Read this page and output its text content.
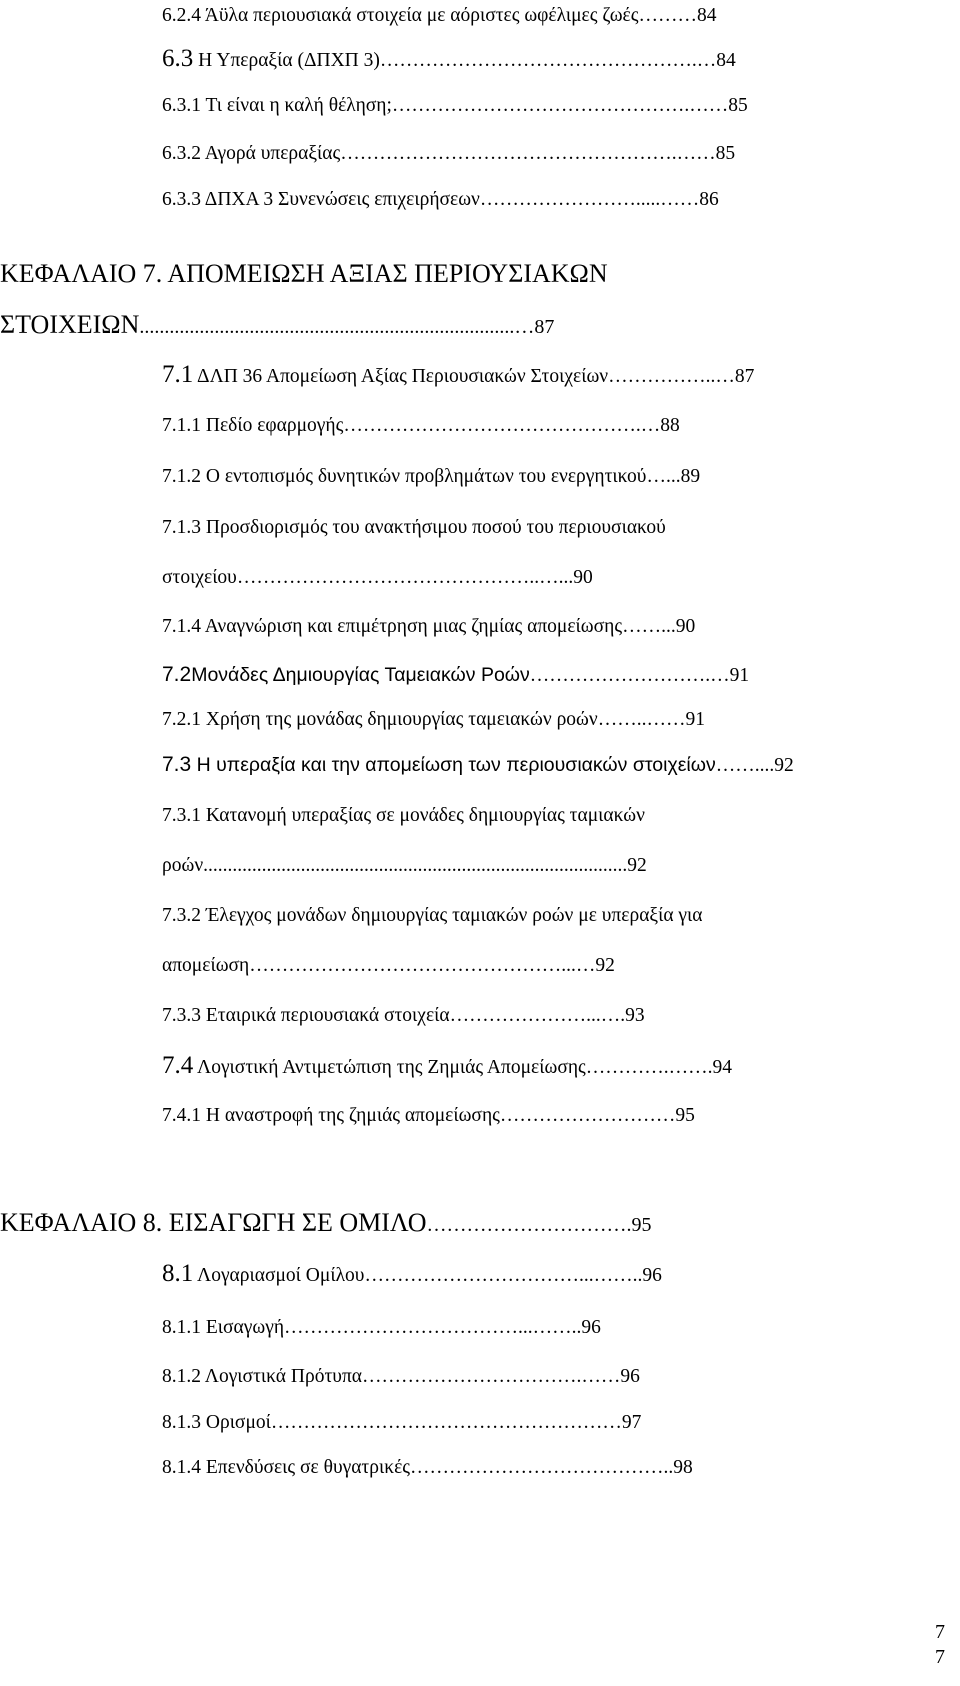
6.2.4 Άϋλα περιουσιακά στοιχεία με αόριστες ωφέλιμες ζωές………84
6.3 Η Υπεραξία (ΔΠΧΠ 3)………………………………………….…84
6.3.1 Τι είναι η καλή θέληση;……………………………………….……85
6.3.2 Αγορά υπεραξίας…………………………………………….……85
6.3.3 ΔΠΧΑ 3 Συνενώσεις επιχειρήσεων…………………….....……86
ΚΕΦΑΛΑΙΟ 7. ΑΠΟΜΕΙΩΣΗ ΑΞΙΑΣ ΠΕΡΙΟΥΣΙΑΚΩΝ
ΣΤΟΙΧΕΙΩΝ...........................................................................…87
7.1 ΔΛΠ 36 Απομείωση Αξίας Περιουσιακών Στοιχείων……………..…87
7.1.1 Πεδίο εφαρμογής……………………………………….…88
7.1.2 Ο εντοπισμός δυνητικών προβλημάτων του ενεργητικού…...89
7.1.3 Προσδιορισμός του ανακτήσιμου ποσού του περιουσιακού
στοιχείου………………………………………..…...90
7.1.4 Αναγνώριση και επιμέτρηση μιας ζημίας απομείωσης……...90
7.2Μονάδες Δημιουργίας Ταμειακών Ροών……………………….…91
7.2.1 Χρήση της μονάδας δημιουργίας ταμειακών ροών……..……91
7.3 Η υπεραξία και την απομείωση των περιουσιακών στοιχείων……....92
7.3.1 Κατανομή υπεραξίας σε μονάδες δημιουργίας ταμιακών
ροών.......................................................................................92
7.3.2 Έλεγχος μονάδων δημιουργίας ταμιακών ροών με υπεραξία για
απομείωση…………………………………………...…92
7.3.3 Εταιρικά περιουσιακά στοιχεία…………………...….93
7.4 Λογιστική Αντιμετώπιση της Ζημιάς Απομείωσης………….…….94
7.4.1 Η αναστροφή της ζημιάς απομείωσης………………………95
ΚΕΦΑΛΑΙΟ 8. ΕΙΣΑΓΩΓΗ ΣΕ ΟΜΙΛΟ………………………….95
8.1 Λογαριασμοί Ομίλου……………………………...……..96
8.1.1 Εισαγωγή………………………………...……..96
8.1.2 Λογιστικά Πρότυπα…………………………….……96
8.1.3 Ορισμοί………………………………………………97
8.1.4 Επενδύσεις σε θυγατρικές…………………………………..98
7
7
